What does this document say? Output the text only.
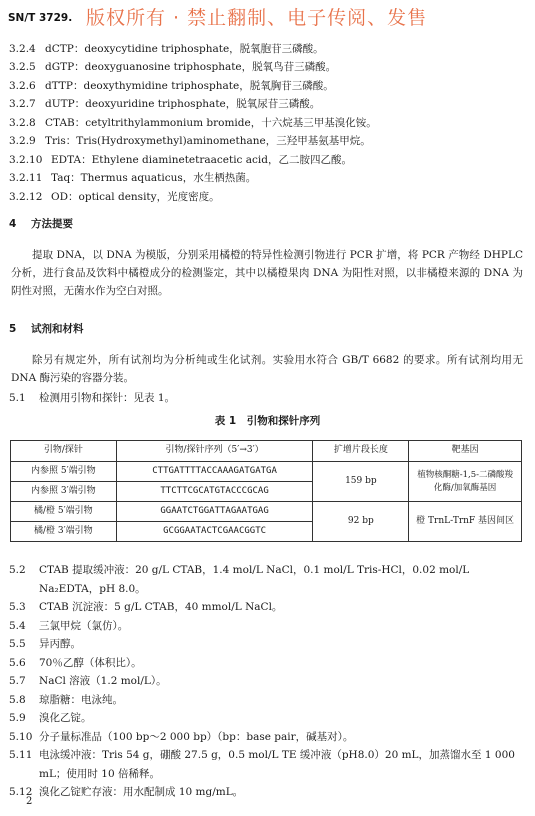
SN/T 3729. 版权所有 · 禁止翻制、电子传阅、发售
3.2.4 dCTP：deoxycytidine triphosphate，脱氧胞苷三磷酸。
3.2.5 dGTP：deoxyguanosine triphosphate，脱氧鸟苷三磷酸。
3.2.6 dTTP：deoxythymidine triphosphate，脱氧胸苷三磷酸。
3.2.7 dUTP：deoxyuridine triphosphate，脱氧尿苷三磷酸。
3.2.8 CTAB：cetyltrithylammonium bromide，十六烷基三甲基溴化铵。
3.2.9 Tris：Tris(Hydroxymethyl)aminomethane，三羟甲基氨基甲烷。
3.2.10 EDTA：Ethylene diaminetetraacetic acid，乙二胺四乙酸。
3.2.11 Taq：Thermus aquaticus，水生栖热菌。
3.2.12 OD：optical density，光度密度。
4 方法提要
提取 DNA，以 DNA 为模版，分别采用橘橙的特异性检测引物进行 PCR 扩增，将 PCR 产物经 DHPLC 分析，进行食品及饮料中橘橙成分的检测鉴定，其中以橘橙果肉 DNA 为阳性对照，以非橘橙来源的 DNA 为阴性对照，无菌水作为空白对照。
5 试剂和材料
除另有规定外，所有试剂均为分析纯或生化试剂。实验用水符合 GB/T 6682 的要求。所有试剂均用无 DNA 酶污染的容器分装。
5.1	检测用引物和探针：见表 1。
表 1　引物和探针序列
引物/探针	引物/探针序列（5′→3′）	扩增片段长度	靶基因
内参照 5′端引物	CTTGATTTTACCAAAGATGATGA	159 bp	植物核酮糖-1,5-二磷酸羧化酶/加氧酶基因
内参照 3′端引物	TTCTTCGCATGTACCCGCAG		
橘/橙 5′端引物	GGAATCTGGATTAGAATGAG	92 bp	橙 TrnL-TrnF 基因间区
橘/橙 3′端引物	GCGGAATACTCGAACGGTC		
5.2	CTAB 提取缓冲液：20 g/L CTAB，1.4 mol/L NaCl，0.1 mol/L Tris-HCl，0.02 mol/L Na₂EDTA，pH 8.0。
5.3	CTAB 沉淀液：5 g/L CTAB，40 mmol/L NaCl。
5.4	三氯甲烷（氯仿）。
5.5	异丙醇。
5.6	70％乙醇（体积比）。
5.7	NaCl 溶液（1.2 mol/L）。
5.8	琼脂糖：电泳纯。
5.9	溴化乙锭。
5.10 分子量标准品（100 bp～2 000 bp）（bp：base pair，碱基对）。
5.11 电泳缓冲液：Tris 54 g，硼酸 27.5 g，0.5 mol/L TE 缓冲液（pH8.0）20 mL，加蒸馏水至 1 000 mL；使用时 10 倍稀释。
5.12 溴化乙锭贮存液：用水配制成 10 mg/mL。
2
